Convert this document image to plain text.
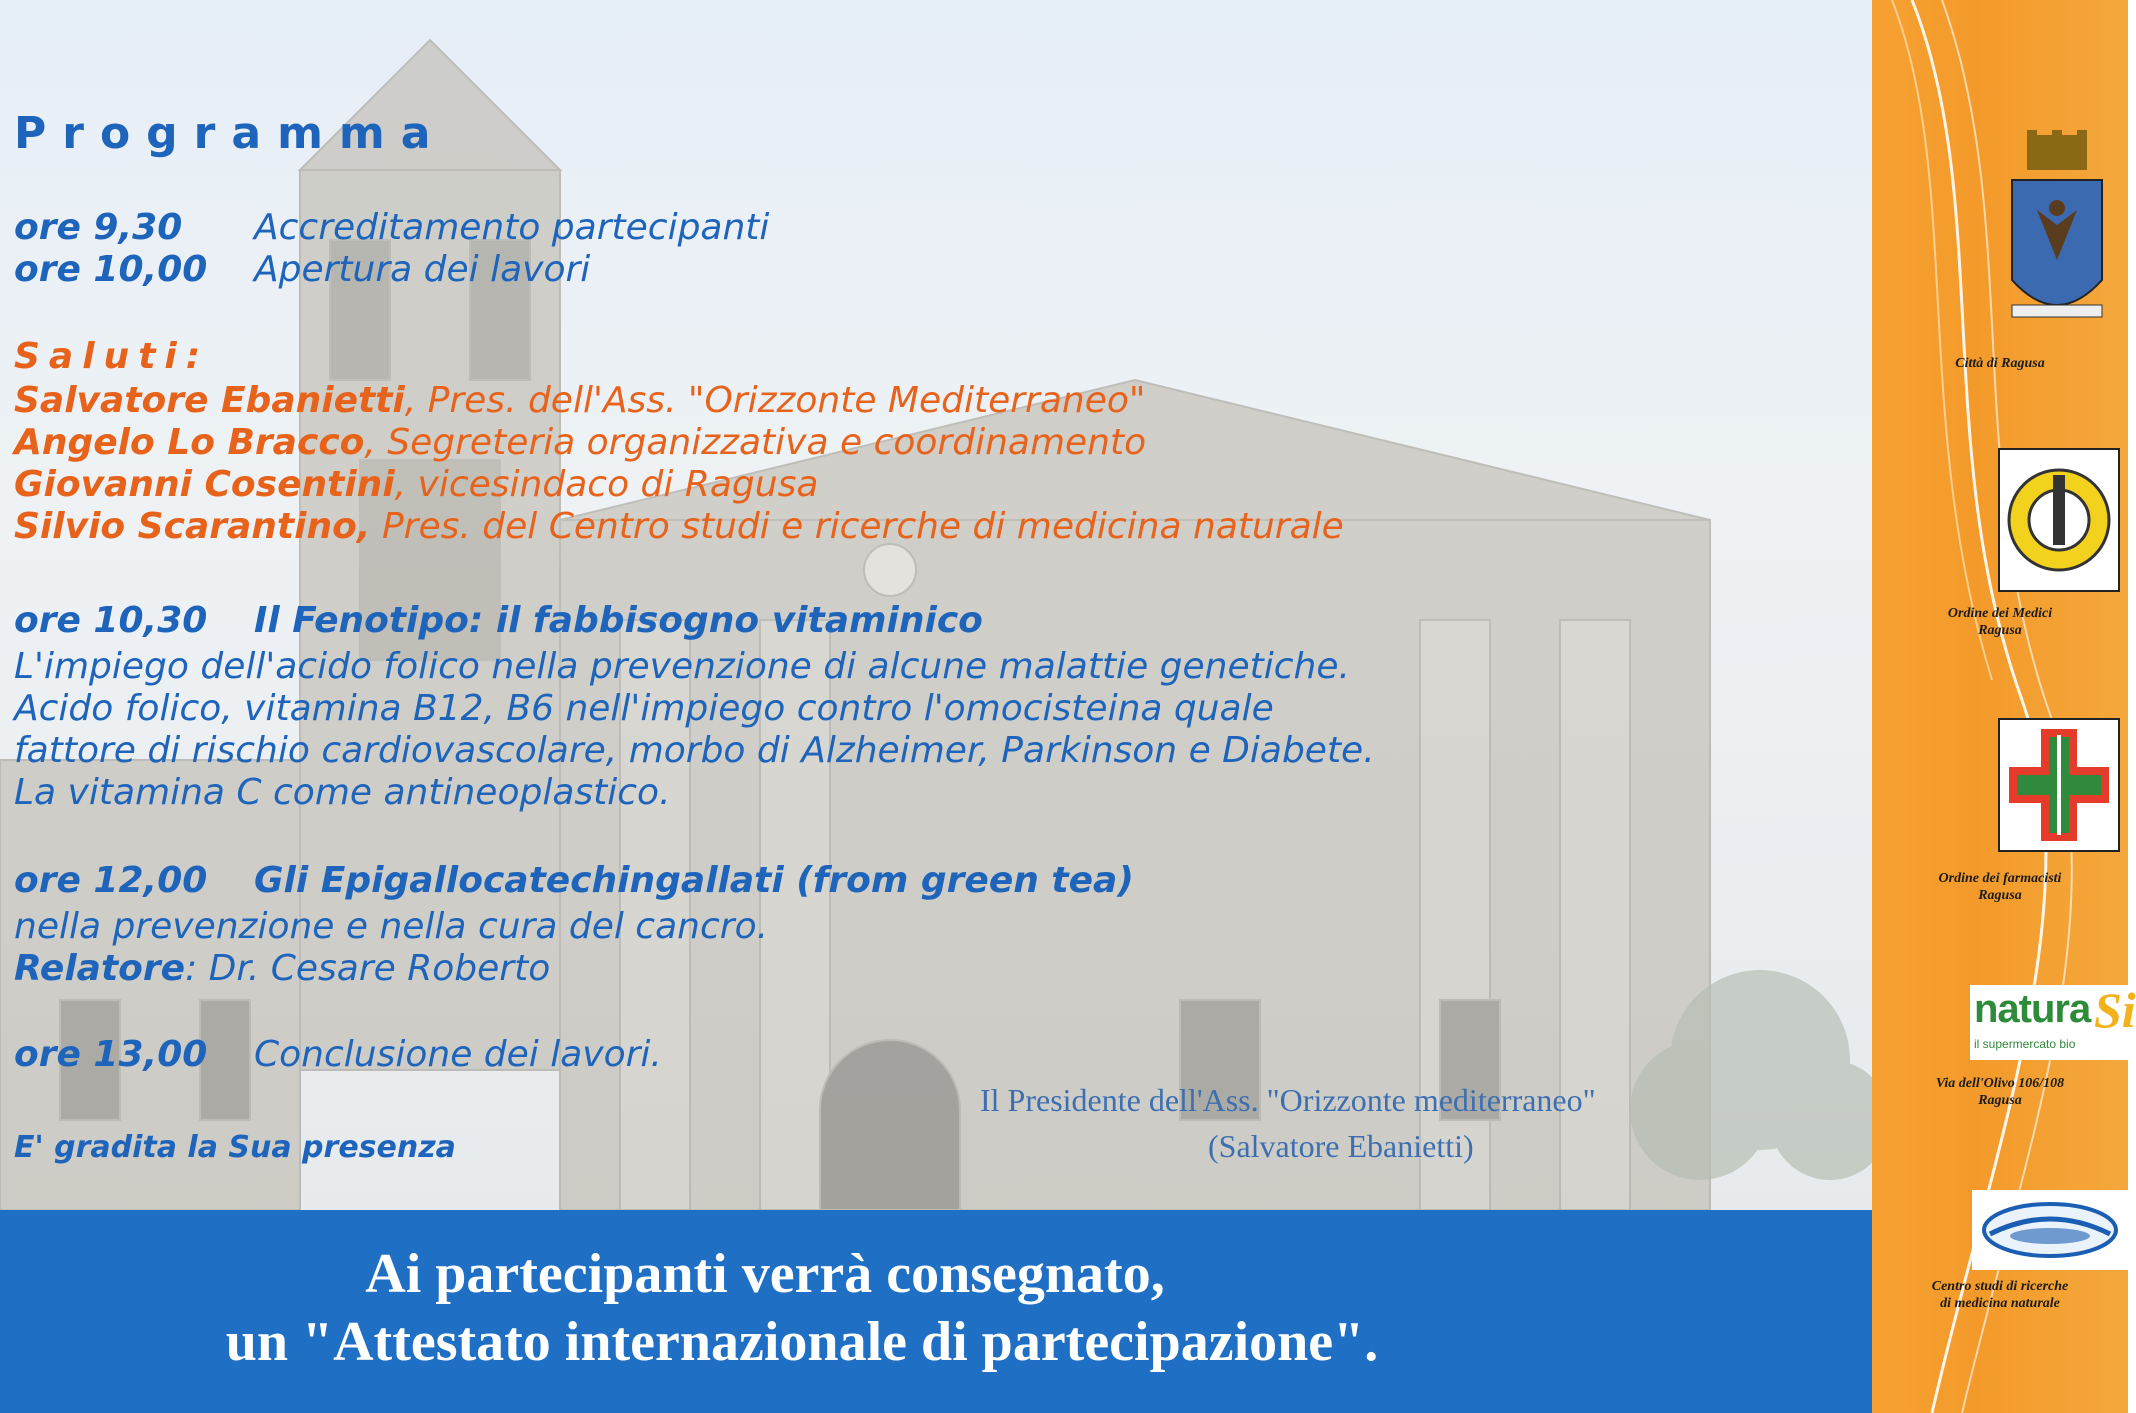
Programma
ore 9,30 Accreditamento partecipanti
ore 10,00 Apertura dei lavori
Saluti:
Salvatore Ebanietti, Pres. dell'Ass. "Orizzonte Mediterraneo"
Angelo Lo Bracco, Segreteria organizzativa e coordinamento
Giovanni Cosentini, vicesindaco di Ragusa
Silvio Scarantino, Pres. del Centro studi e ricerche di medicina naturale
ore 10,30 Il Fenotipo: il fabbisogno vitaminico
L'impiego dell'acido folico nella prevenzione di alcune malattie genetiche.
Acido folico, vitamina B12, B6 nell'impiego contro l'omocisteina quale
fattore di rischio cardiovascolare, morbo di Alzheimer, Parkinson e Diabete.
La vitamina C come antineoplastico.
ore 12,00 Gli Epigallocatechingallati (from green tea)
nella prevenzione e nella cura del cancro.
Relatore: Dr. Cesare Roberto
ore 13,00 Conclusione dei lavori.
E' gradita la Sua presenza
Il Presidente dell'Ass. "Orizzonte mediterraneo"
(Salvatore Ebanietti)
Ai partecipanti verrà consegnato,
un "Attestato internazionale di partecipazione".
Città di Ragusa
Ordine dei Medici
Ragusa
Ordine dei farmacisti
Ragusa
natura Si
il supermercato bio
Via dell'Olivo 106/108
Ragusa
Centro studi di ricerche
di medicina naturale
